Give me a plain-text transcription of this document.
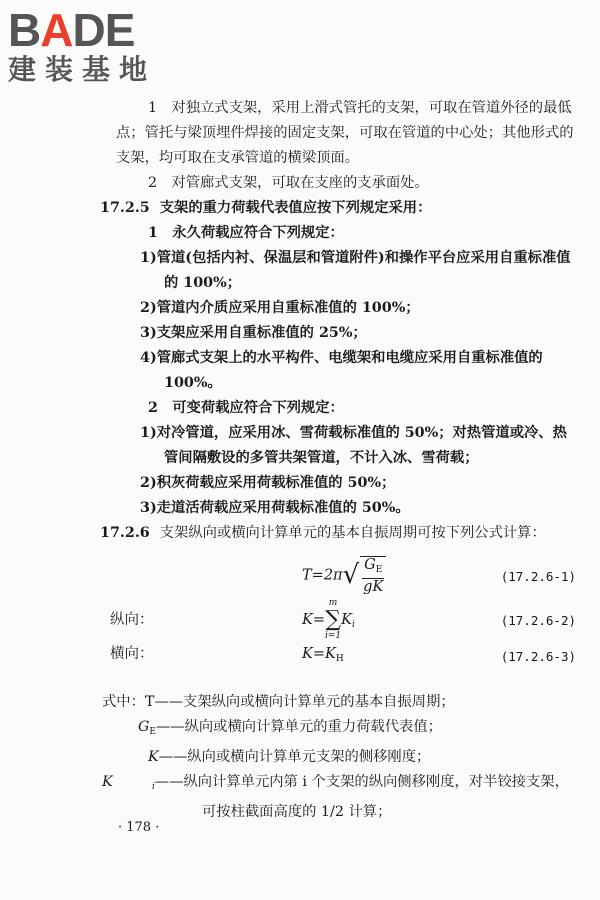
BADE
建装基地

1　对独立式支架，采用上滑式管托的支架，可取在管道外径的最低点；管托与梁顶埋件焊接的固定支架，可取在管道的中心处；其他形式的支架，均可取在支承管道的横梁顶面。

2　对管廊式支架，可取在支座的支承面处。

17.2.5 支架的重力荷载代表值应按下列规定采用：

1　永久荷载应符合下列规定：

1)管道(包括内衬、保温层和管道附件)和操作平台应采用自重标准值的 100%；

2)管道内介质应采用自重标准值的 100%；

3)支架应采用自重标准值的 25%；

4)管廊式支架上的水平构件、电缆架和电缆应采用自重标准值的 100%。

2　可变荷载应符合下列规定：

1)对冷管道，应采用冰、雪荷载标准值的 50%；对热管道或冷、热管间隔敷设的多管共架管道，不计入冰、雪荷载；

2)积灰荷载应采用荷载标准值的 50%；

3)走道活荷载应采用荷载标准值的 50%。

17.2.6 支架纵向或横向计算单元的基本自振周期可按下列公式计算：

$T=2\pi√ \frac{G_E}{gK}$	(17.2.6-1)
纵向：	K=
m
∑
i=1
$K_i$	(17.2.6-2)
横向：	$K=K_H$	(17.2.6-3)

式中：T——支架纵向或横向计算单元的基本自振周期；

$G_E——$纵向或横向计算单元的重力荷载代表值；

K——纵向或横向计算单元支架的侧移刚度；

K	$_i$——纵向计算单元内第 i 个支架的纵向侧移刚度，对半铰接支架，可按柱截面高度的 1/2 计算；

· 178 ·
